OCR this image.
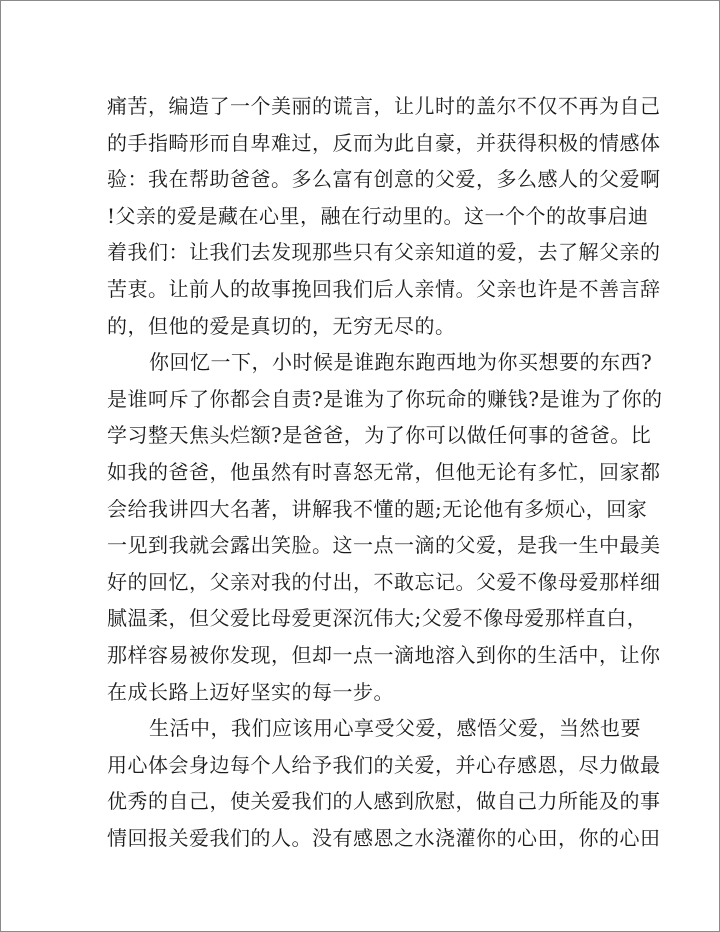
痛苦，编造了一个美丽的谎言，让儿时的盖尔不仅不再为自己
的手指畸形而自卑难过，反而为此自豪，并获得积极的情感体
验：我在帮助爸爸。多么富有创意的父爱，多么感人的父爱啊
!父亲的爱是藏在心里，融在行动里的。这一个个的故事启迪
着我们：让我们去发现那些只有父亲知道的爱，去了解父亲的
苦衷。让前人的故事挽回我们后人亲情。父亲也许是不善言辞
的，但他的爱是真切的，无穷无尽的。
你回忆一下，小时候是谁跑东跑西地为你买想要的东西?
是谁呵斥了你都会自责?是谁为了你玩命的赚钱?是谁为了你的
学习整天焦头烂额?是爸爸，为了你可以做任何事的爸爸。比
如我的爸爸，他虽然有时喜怒无常，但他无论有多忙，回家都
会给我讲四大名著，讲解我不懂的题;无论他有多烦心，回家
一见到我就会露出笑脸。这一点一滴的父爱，是我一生中最美
好的回忆，父亲对我的付出，不敢忘记。父爱不像母爱那样细
腻温柔，但父爱比母爱更深沉伟大;父爱不像母爱那样直白，
那样容易被你发现，但却一点一滴地溶入到你的生活中，让你
在成长路上迈好坚实的每一步。
生活中，我们应该用心享受父爱，感悟父爱，当然也要
用心体会身边每个人给予我们的关爱，并心存感恩，尽力做最
优秀的自己，使关爱我们的人感到欣慰，做自己力所能及的事
情回报关爱我们的人。没有感恩之水浇灌你的心田，你的心田
